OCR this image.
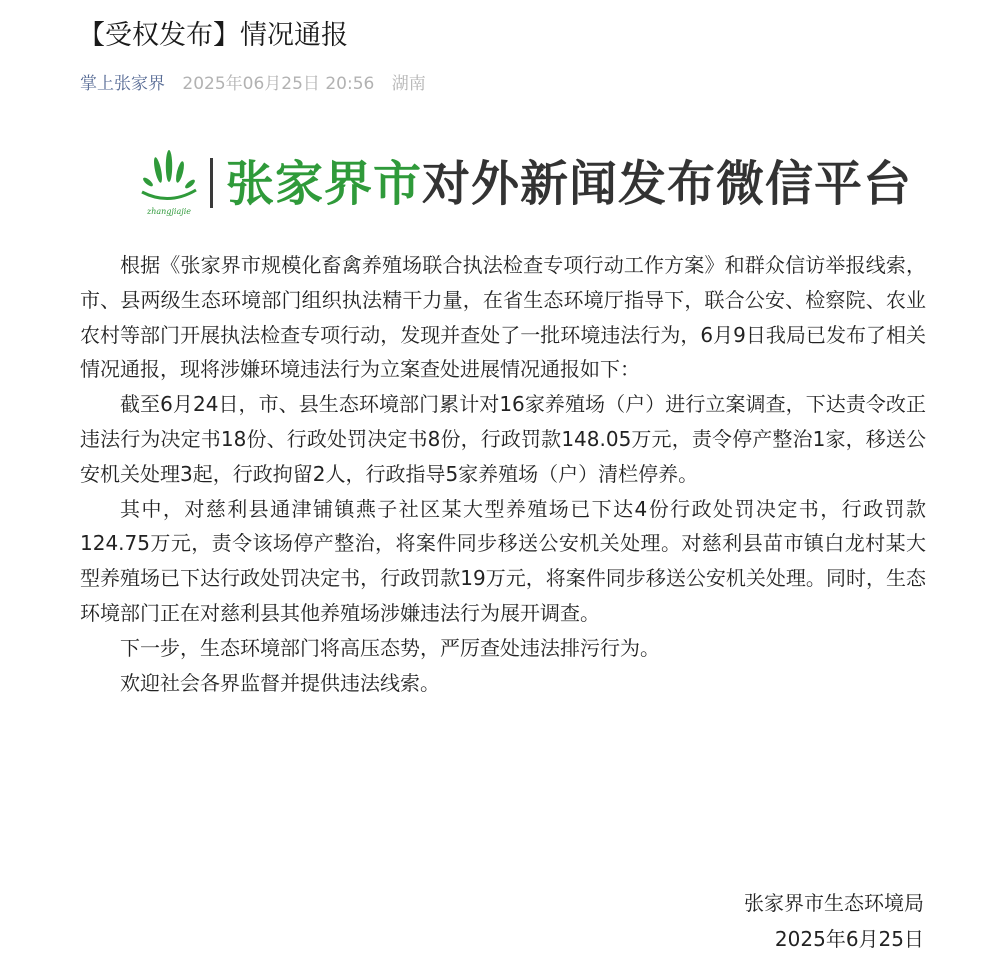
【受权发布】情况通报
掌上张家界 2025年06月25日 20:56 湖南
zhangjiajie 张家界市对外新闻发布微信平台

根据《张家界市规模化畜禽养殖场联合执法检查专项行动工作方案》和群众信访举报线索，市、县两级生态环境部门组织执法精干力量，在省生态环境厅指导下，联合公安、检察院、农业农村等部门开展执法检查专项行动，发现并查处了一批环境违法行为，6月9日我局已发布了相关情况通报，现将涉嫌环境违法行为立案查处进展情况通报如下：

截至6月24日，市、县生态环境部门累计对16家养殖场（户）进行立案调查，下达责令改正违法行为决定书18份、行政处罚决定书8份，行政罚款148.05万元，责令停产整治1家，移送公安机关处理3起，行政拘留2人，行政指导5家养殖场（户）清栏停养。

其中，对慈利县通津铺镇燕子社区某大型养殖场已下达4份行政处罚决定书，行政罚款124.75万元，责令该场停产整治，将案件同步移送公安机关处理。对慈利县苗市镇白龙村某大型养殖场已下达行政处罚决定书，行政罚款19万元，将案件同步移送公安机关处理。同时，生态环境部门正在对慈利县其他养殖场涉嫌违法行为展开调查。

下一步，生态环境部门将高压态势，严厉查处违法排污行为。

欢迎社会各界监督并提供违法线索。

张家界市生态环境局
2025年6月25日
